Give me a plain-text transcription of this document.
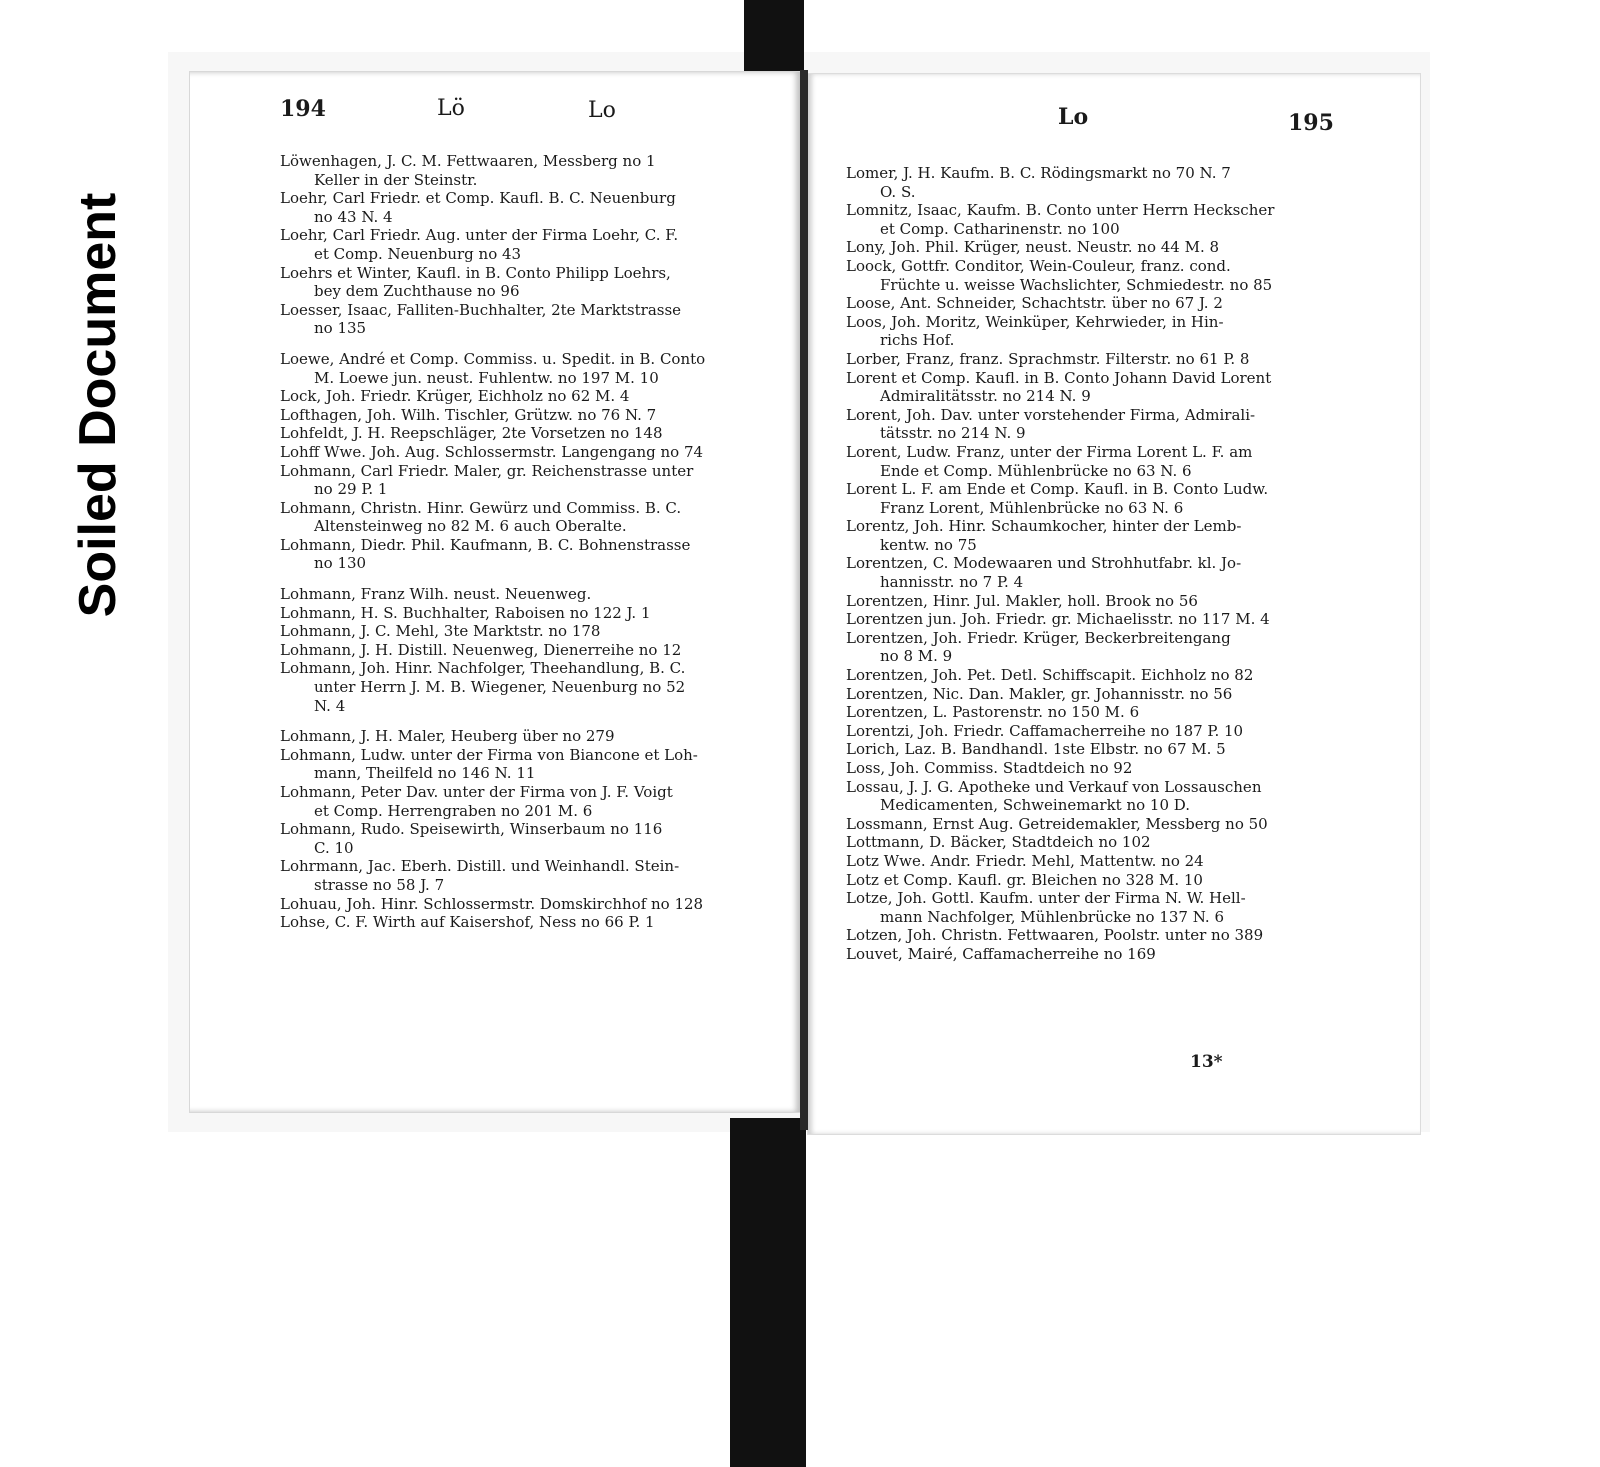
Soiled Document
194	Lö	Lo	Lo	195
Löwenhagen, J. C. M. Fettwaaren, Messberg no 1
Keller in der Steinstr.
Loehr, Carl Friedr. et Comp. Kaufl. B. C. Neuenburg
no 43 N. 4
Loehr, Carl Friedr. Aug. unter der Firma Loehr, C. F.
et Comp. Neuenburg no 43
Loehrs et Winter, Kaufl. in B. Conto Philipp Loehrs,
bey dem Zuchthause no 96
Loesser, Isaac, Falliten-Buchhalter, 2te Marktstrasse
no 135
Loewe, André et Comp. Commiss. u. Spedit. in B. Conto
M. Loewe jun. neust. Fuhlentw. no 197 M. 10
Lock, Joh. Friedr. Krüger, Eichholz no 62 M. 4
Lofthagen, Joh. Wilh. Tischler, Grützw. no 76 N. 7
Lohfeldt, J. H. Reepschläger, 2te Vorsetzen no 148
Lohff Wwe. Joh. Aug. Schlossermstr. Langengang no 74
Lohmann, Carl Friedr. Maler, gr. Reichenstrasse unter
no 29 P. 1
Lohmann, Christn. Hinr. Gewürz und Commiss. B. C.
Altensteinweg no 82 M. 6 auch Oberalte.
Lohmann, Diedr. Phil. Kaufmann, B. C. Bohnenstrasse
no 130
Lohmann, Franz Wilh. neust. Neuenweg.
Lohmann, H. S. Buchhalter, Raboisen no 122 J. 1
Lohmann, J. C. Mehl, 3te Marktstr. no 178
Lohmann, J. H. Distill. Neuenweg, Dienerreihe no 12
Lohmann, Joh. Hinr. Nachfolger, Theehandlung, B. C.
unter Herrn J. M. B. Wiegener, Neuenburg no 52
N. 4
Lohmann, J. H. Maler, Heuberg über no 279
Lohmann, Ludw. unter der Firma von Biancone et Loh-
mann, Theilfeld no 146 N. 11
Lohmann, Peter Dav. unter der Firma von J. F. Voigt
et Comp. Herrengraben no 201 M. 6
Lohmann, Rudo. Speisewirth, Winserbaum no 116
C. 10
Lohrmann, Jac. Eberh. Distill. und Weinhandl. Stein-
strasse no 58 J. 7
Lohuau, Joh. Hinr. Schlossermstr. Domskirchhof no 128
Lohse, C. F. Wirth auf Kaisershof, Ness no 66 P. 1
Lomer, J. H. Kaufm. B. C. Rödingsmarkt no 70 N. 7
O. S.
Lomnitz, Isaac, Kaufm. B. Conto unter Herrn Heckscher
et Comp. Catharinenstr. no 100
Lony, Joh. Phil. Krüger, neust. Neustr. no 44 M. 8
Loock, Gottfr. Conditor, Wein-Couleur, franz. cond.
Früchte u. weisse Wachslichter, Schmiedestr. no 85
Loose, Ant. Schneider, Schachtstr. über no 67 J. 2
Loos, Joh. Moritz, Weinküper, Kehrwieder, in Hin-
richs Hof.
Lorber, Franz, franz. Sprachmstr. Filterstr. no 61 P. 8
Lorent et Comp. Kaufl. in B. Conto Johann David Lorent
Admiralitätsstr. no 214 N. 9
Lorent, Joh. Dav. unter vorstehender Firma, Admirali-
tätsstr. no 214 N. 9
Lorent, Ludw. Franz, unter der Firma Lorent L. F. am
Ende et Comp. Mühlenbrücke no 63 N. 6
Lorent L. F. am Ende et Comp. Kaufl. in B. Conto Ludw.
Franz Lorent, Mühlenbrücke no 63 N. 6
Lorentz, Joh. Hinr. Schaumkocher, hinter der Lemb-
kentw. no 75
Lorentzen, C. Modewaaren und Strohhutfabr. kl. Jo-
hannisstr. no 7 P. 4
Lorentzen, Hinr. Jul. Makler, holl. Brook no 56
Lorentzen jun. Joh. Friedr. gr. Michaelisstr. no 117 M. 4
Lorentzen, Joh. Friedr. Krüger, Beckerbreitengang
no 8 M. 9
Lorentzen, Joh. Pet. Detl. Schiffscapit. Eichholz no 82
Lorentzen, Nic. Dan. Makler, gr. Johannisstr. no 56
Lorentzen, L. Pastorenstr. no 150 M. 6
Lorentzi, Joh. Friedr. Caffamacherreihe no 187 P. 10
Lorich, Laz. B. Bandhandl. 1ste Elbstr. no 67 M. 5
Loss, Joh. Commiss. Stadtdeich no 92
Lossau, J. J. G. Apotheke und Verkauf von Lossauschen
Medicamenten, Schweinemarkt no 10 D.
Lossmann, Ernst Aug. Getreidemakler, Messberg no 50
Lottmann, D. Bäcker, Stadtdeich no 102
Lotz Wwe. Andr. Friedr. Mehl, Mattentw. no 24
Lotz et Comp. Kaufl. gr. Bleichen no 328 M. 10
Lotze, Joh. Gottl. Kaufm. unter der Firma N. W. Hell-
mann Nachfolger, Mühlenbrücke no 137 N. 6
Lotzen, Joh. Christn. Fettwaaren, Poolstr. unter no 389
Louvet, Mairé, Caffamacherreihe no 169
13*
